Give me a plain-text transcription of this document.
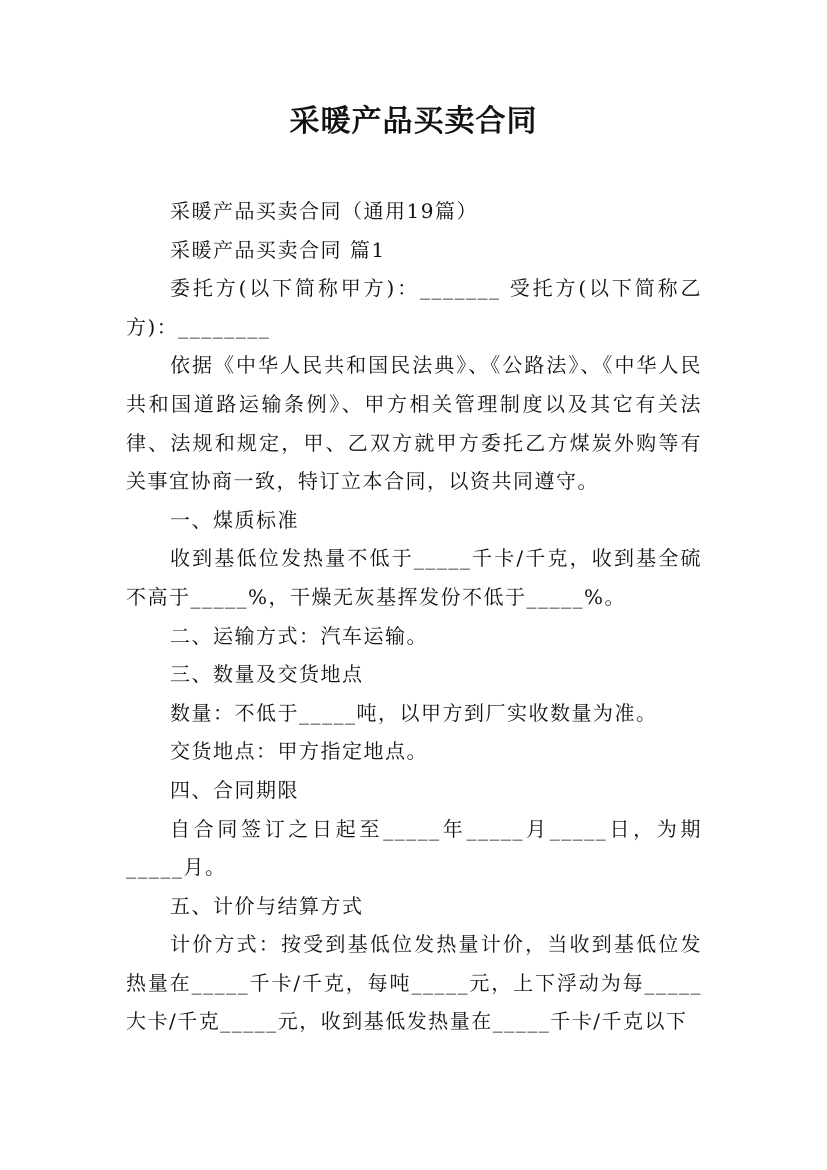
采暖产品买卖合同

采暖产品买卖合同（通用19篇）

采暖产品买卖合同 篇1

委托方(以下简称甲方)：_______ 受托方(以下简称乙方)：________

依据《中华人民共和国民法典》、《公路法》、《中华人民共和国道路运输条例》、甲方相关管理制度以及其它有关法律、法规和规定，甲、乙双方就甲方委托乙方煤炭外购等有关事宜协商一致，特订立本合同，以资共同遵守。

一、煤质标准

收到基低位发热量不低于_____千卡/千克，收到基全硫不高于_____%，干燥无灰基挥发份不低于_____%。

二、运输方式：汽车运输。

三、数量及交货地点

数量：不低于_____吨，以甲方到厂实收数量为准。

交货地点：甲方指定地点。

四、合同期限

自合同签订之日起至_____年_____月_____日，为期_____月。

五、计价与结算方式

计价方式：按受到基低位发热量计价，当收到基低位发热量在_____千卡/千克，每吨_____元，上下浮动为每_____大卡/千克_____元，收到基低发热量在_____千卡/千克以下
